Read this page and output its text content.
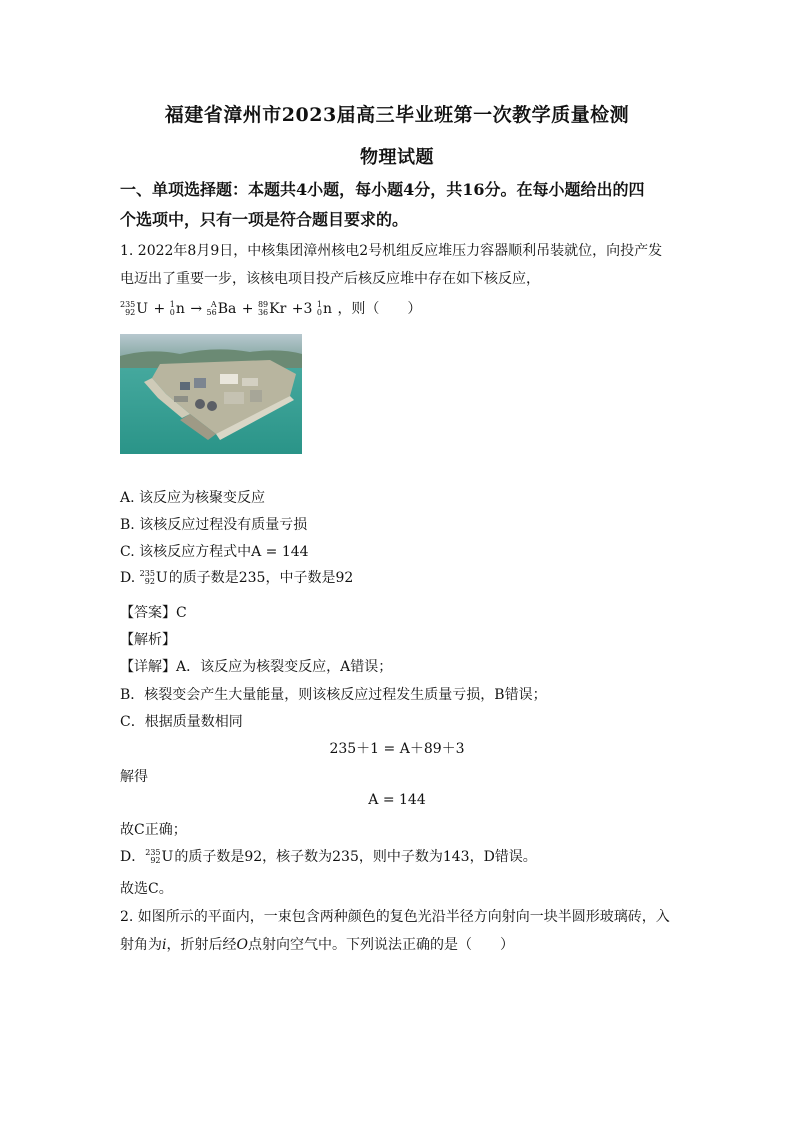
福建省漳州市2023届高三毕业班第一次教学质量检测
物理试题
一、单项选择题：本题共4小题，每小题4分，共16分。在每小题给出的四
个选项中，只有一项是符合题目要求的。
1. 2022年8月9日，中核集团漳州核电2号机组反应堆压力容器顺利吊装就位，向投产发
电迈出了重要一步，该核电项目投产后核反应堆中存在如下核反应，
235
92 U + 1
0 n → A
56 Ba + 89
36 Kr +3 1
0 n ，则（　　）
A. 该反应为核聚变反应
B. 该核反应过程没有质量亏损
C. 该核反应方程式中A = 144
D. 235
92 U的质子数是235，中子数是92
【答案】C
【解析】
【详解】A．该反应为核裂变反应，A错误；
B．核裂变会产生大量能量，则该核反应过程发生质量亏损，B错误；
C．根据质量数相同
235＋1 = A＋89＋3
解得
A = 144
故C正确；
D． 235
92 U的质子数是92，核子数为235，则中子数为143，D错误。
故选C。
2. 如图所示的平面内，一束包含两种颜色的复色光沿半径方向射向一块半圆形玻璃砖，入
射角为i，折射后经O点射向空气中。下列说法正确的是（　　）
